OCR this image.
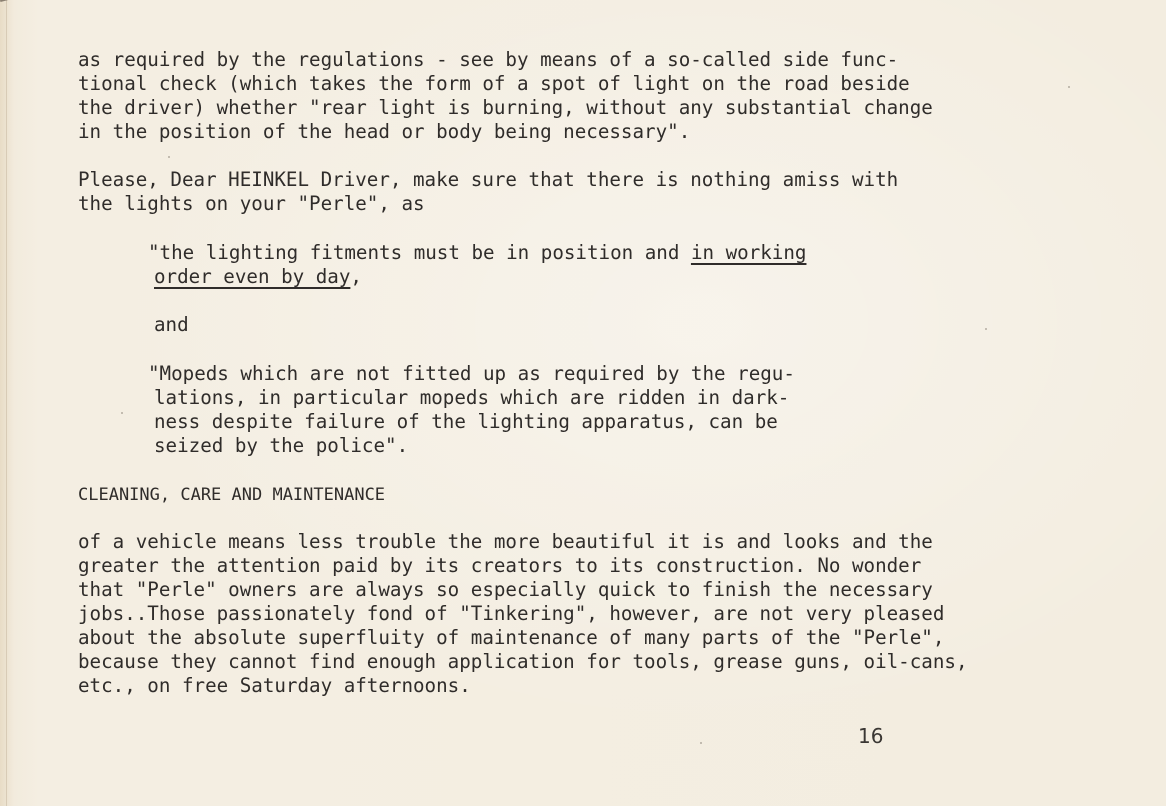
as required by the regulations - see by means of a so-called side func-
tional check (which takes the form of a spot of light on the road beside
the driver) whether "rear light is burning, without any substantial change
in the position of the head or body being necessary".
Please, Dear HEINKEL Driver, make sure that there is nothing amiss with
the lights on your "Perle", as
"the lighting fitments must be in position and in working
order even by day,
and
"Mopeds which are not fitted up as required by the regu-
lations, in particular mopeds which are ridden in dark-
ness despite failure of the lighting apparatus, can be
seized by the police".
CLEANING, CARE AND MAINTENANCE
of a vehicle means less trouble the more beautiful it is and looks and the
greater the attention paid by its creators to its construction. No wonder
that "Perle" owners are always so especially quick to finish the necessary
jobs..Those passionately fond of "Tinkering", however, are not very pleased
about the absolute superfluity of maintenance of many parts of the "Perle",
because they cannot find enough application for tools, grease guns, oil-cans,
etc., on free Saturday afternoons.
16
